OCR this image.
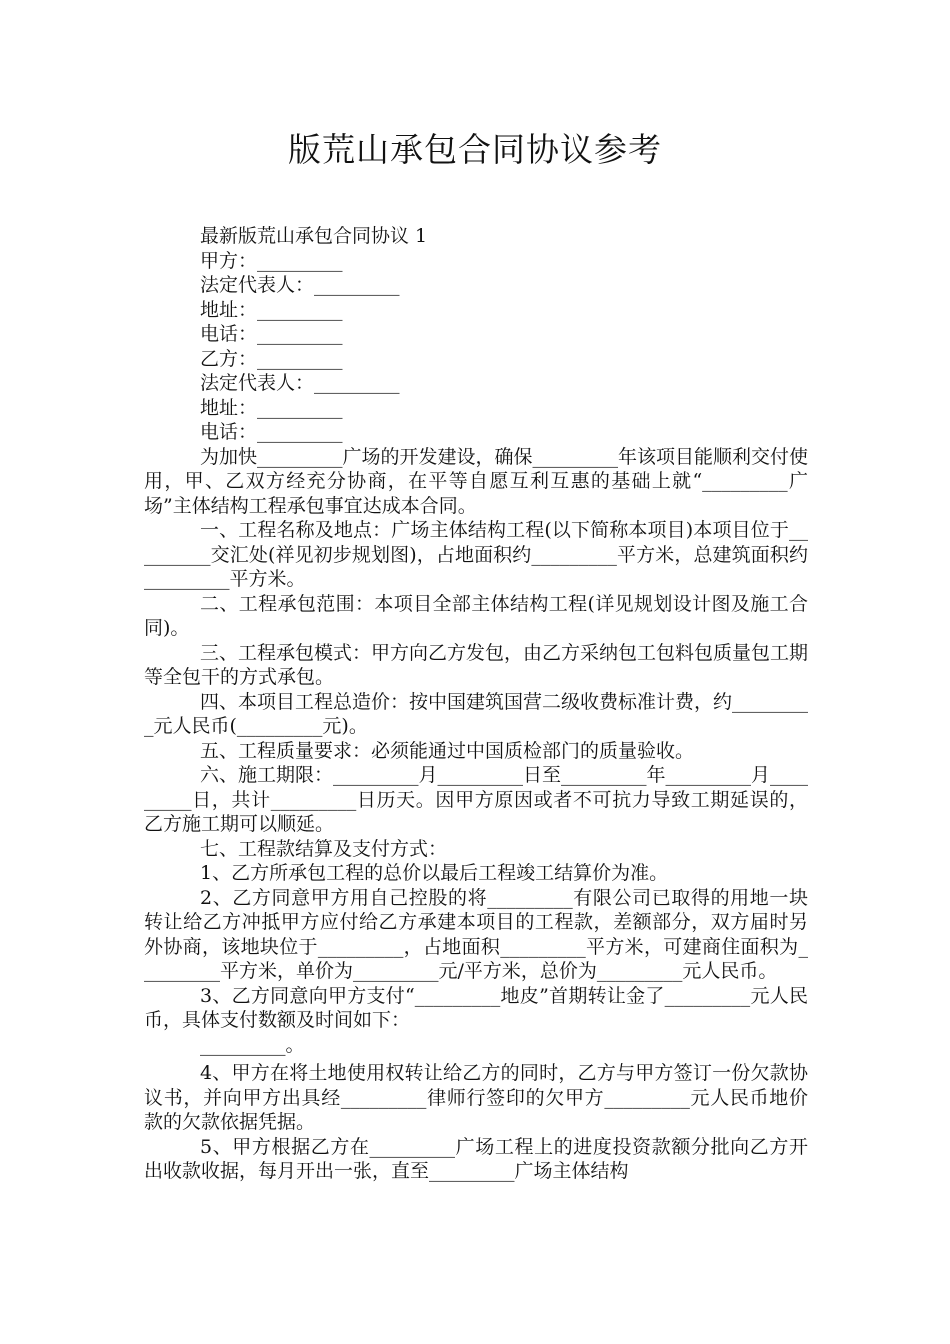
版荒山承包合同协议参考

最新版荒山承包合同协议 1

甲方：_________

法定代表人：_________

地址：_________

电话：_________

乙方：_________

法定代表人：_________

地址：_________

电话：_________

为加快_________广场的开发建设，确保_________年该项目能顺利交付使用，甲、乙双方经充分协商，在平等自愿互利互惠的基础上就“_________广场”主体结构工程承包事宜达成本合同。

一、工程名称及地点：广场主体结构工程(以下简称本项目)本项目位于_________交汇处(祥见初步规划图)，占地面积约_________平方米，总建筑面积约_________平方米。

二、工程承包范围：本项目全部主体结构工程(详见规划设计图及施工合同)。

三、工程承包模式：甲方向乙方发包，由乙方采纳包工包料包质量包工期等全包干的方式承包。

四、本项目工程总造价：按中国建筑国营二级收费标准计费，约_________元人民币(_________元)。

五、工程质量要求：必须能通过中国质检部门的质量验收。

六、施工期限：_________月_________日至_________年_________月_________日，共计_________日历天。因甲方原因或者不可抗力导致工期延误的，乙方施工期可以顺延。

七、工程款结算及支付方式：

1、乙方所承包工程的总价以最后工程竣工结算价为准。

2、乙方同意甲方用自己控股的将_________有限公司已取得的用地一块转让给乙方冲抵甲方应付给乙方承建本项目的工程款，差额部分，双方届时另外协商，该地块位于_________，占地面积_________平方米，可建商住面积为_________平方米，单价为_________元/平方米，总价为_________元人民币。

3、乙方同意向甲方支付“_________地皮”首期转让金了_________元人民币，具体支付数额及时间如下：

_________。

4、甲方在将土地使用权转让给乙方的同时，乙方与甲方签订一份欠款协议书，并向甲方出具经_________律师行签印的欠甲方_________元人民币地价款的欠款依据凭据。

5、甲方根据乙方在_________广场工程上的进度投资款额分批向乙方开出收款收据，每月开出一张，直至_________广场主体结构
